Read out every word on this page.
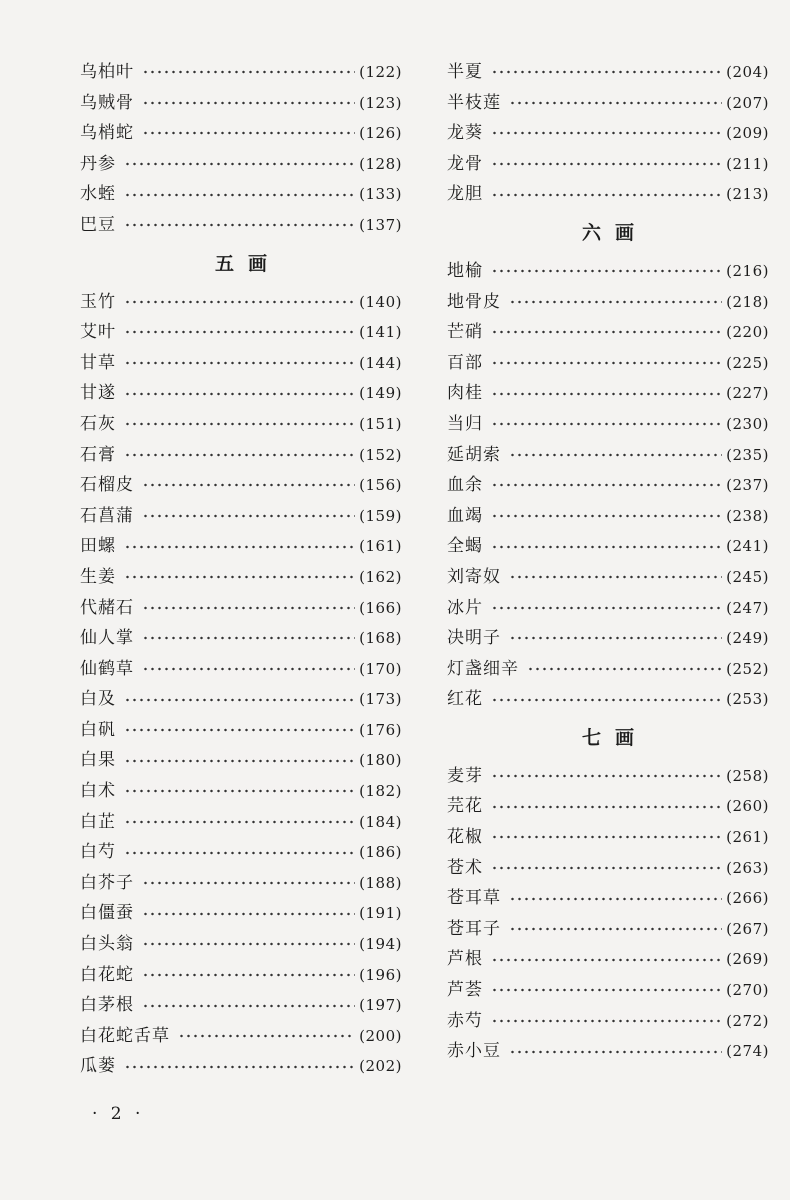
乌柏叶	(122)
乌贼骨	(123)
乌梢蛇	(126)
丹参	(128)
水蛭	(133)
巴豆	(137)
五画
玉竹	(140)
艾叶	(141)
甘草	(144)
甘遂	(149)
石灰	(151)
石膏	(152)
石榴皮	(156)
石菖蒲	(159)
田螺	(161)
生姜	(162)
代赭石	(166)
仙人掌	(168)
仙鹤草	(170)
白及	(173)
白矾	(176)
白果	(180)
白术	(182)
白芷	(184)
白芍	(186)
白芥子	(188)
白僵蚕	(191)
白头翁	(194)
白花蛇	(196)
白茅根	(197)
白花蛇舌草	(200)
瓜蒌	(202)
半夏	(204)
半枝莲	(207)
龙葵	(209)
龙骨	(211)
龙胆	(213)
六画
地榆	(216)
地骨皮	(218)
芒硝	(220)
百部	(225)
肉桂	(227)
当归	(230)
延胡索	(235)
血余	(237)
血竭	(238)
全蝎	(241)
刘寄奴	(245)
冰片	(247)
决明子	(249)
灯盏细辛	(252)
红花	(253)
七画
麦芽	(258)
芫花	(260)
花椒	(261)
苍术	(263)
苍耳草	(266)
苍耳子	(267)
芦根	(269)
芦荟	(270)
赤芍	(272)
赤小豆	(274)
· 2 ·
